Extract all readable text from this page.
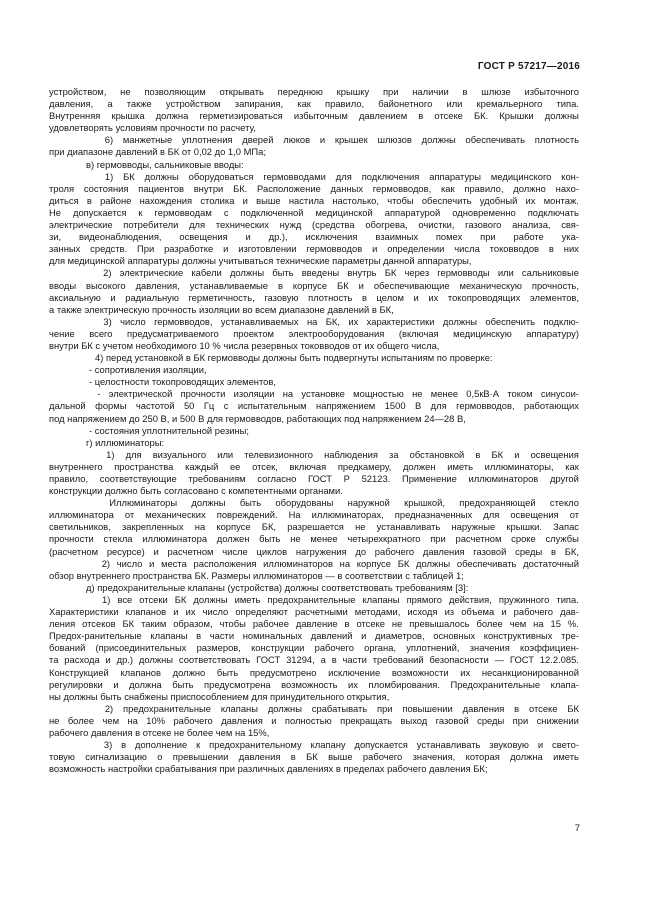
ГОСТ Р 57217—2016
устройством, не позволяющим открывать переднюю крышку при наличии в шлюзе избыточного
давления, а также устройством запирания, как правило, байонетного или кремальерного типа.
Внутренняя крышка должна герметизироваться избыточным давлением в отсеке БК. Крышки должны
удовлетворять условиям прочности по расчету,
6) манжетные уплотнения дверей люков и крышек шлюзов должны обеспечивать плотность
при диапазоне давлений в БК от 0,02 до 1,0 МПа;
в) гермовводы, сальниковые вводы:
1) БК должны оборудоваться гермовводами для подключения аппаратуры медицинского кон-
троля состояния пациентов внутри БК. Расположение данных гермовводов, как правило, должно нахо-
диться в районе нахождения столика и выше настила настолько, чтобы обеспечить удобный их монтаж.
Не допускается к гермовводам с подключенной медицинской аппаратурой одновременно подключать
электрические потребители для технических нужд (средства обогрева, очистки, газового анализа, свя-
зи, видеонаблюдения, освещения и др.), исключения взаимных помех при работе ука-
занных средств. При разработке и изготовлении гермовводов и определении числа токовводов в них
для медицинской аппаратуры должны учитываться технические параметры данной аппаратуры,
2) электрические кабели должны быть введены внутрь БК через гермовводы или сальниковые
вводы высокого давления, устанавливаемые в корпусе БК и обеспечивающие механическую прочность,
аксиальную и радиальную герметичность, газовую плотность в целом и их токопроводящих элементов,
а также электрическую прочность изоляции во всем диапазоне давлений в БК,
3) число гермовводов, устанавливаемых на БК, их характеристики должны обеспечить подклю-
чение всего предусматриваемого проектом электрооборудования (включая медицинскую аппаратуру)
внутри БК с учетом необходимого 10 % числа резервных токовводов от их общего числа,
4) перед установкой в БК гермовводы должны быть подвергнуты испытаниям по проверке:
- сопротивления изоляции,
- целостности токопроводящих элементов,
- электрической прочности изоляции на установке мощностью не менее 0,5кВ·А током синусои-
дальной формы частотой 50 Гц с испытательным напряжением 1500 В для гермовводов, работающих
под напряжением до 250 В, и 500 В для гермовводов, работающих под напряжением 24—28 В,
- состояния уплотнительной резины;
г) иллюминаторы:
1) для визуального или телевизионного наблюдения за обстановкой в БК и освещения
внутреннего пространства каждый ее отсек, включая предкамеру, должен иметь иллюминаторы, как
правило, соответствующие требованиям согласно ГОСТ Р 52123. Применение иллюминаторов другой
конструкции должно быть согласовано с компетентными органами.
Иллюминаторы должны быть оборудованы наружной крышкой, предохраняющей стекло
иллюминатора от механических повреждений. На иллюминаторах, предназначенных для освещения от
светильников, закрепленных на корпусе БК, разрешается не устанавливать наружные крышки. Запас
прочности стекла иллюминатора должен быть не менее четырехкратного при расчетном сроке службы
(расчетном ресурсе) и расчетном числе циклов нагружения до рабочего давления газовой среды в БК,
2) число и места расположения иллюминаторов на корпусе БК должны обеспечивать достаточный
обзор внутреннего пространства БК. Размеры иллюминаторов — в соответствии с таблицей 1;
д) предохранительные клапаны (устройства) должны соответствовать требованиям [3]:
1) все отсеки БК должны иметь предохранительные клапаны прямого действия, пружинного типа.
Характеристики клапанов и их число определяют расчетными методами, исходя из объема и рабочего дав-
ления отсеков БК таким образом, чтобы рабочее давление в отсеке не превышалось более чем на 15 %.
Предох-ранительные клапаны в части номинальных давлений и диаметров, основных конструктивных тре-
бований (присоединительных размеров, конструкции рабочего органа, уплотнений, значения коэффициен-
та расхода и др.) должны соответствовать ГОСТ 31294, а в части требований безопасности — ГОСТ 12.2.085.
Конструкцией клапанов должно быть предусмотрено исключение возможности их несанкционированной
регулировки и должна быть предусмотрена возможность их пломбирования. Предохранительные клапа-
ны должны быть снабжены приспособлением для принудительного открытия,
2) предохранительные клапаны должны срабатывать при повышении давления в отсеке БК
не более чем на 10% рабочего давления и полностью прекращать выход газовой среды при снижении
рабочего давления в отсеке не более чем на 15%,
3) в дополнение к предохранительному клапану допускается устанавливать звуковую и свето-
товую сигнализацию о превышении давления в БК выше рабочего значения, которая должна иметь
возможность настройки срабатывания при различных давлениях в пределах рабочего давления БК;
7
